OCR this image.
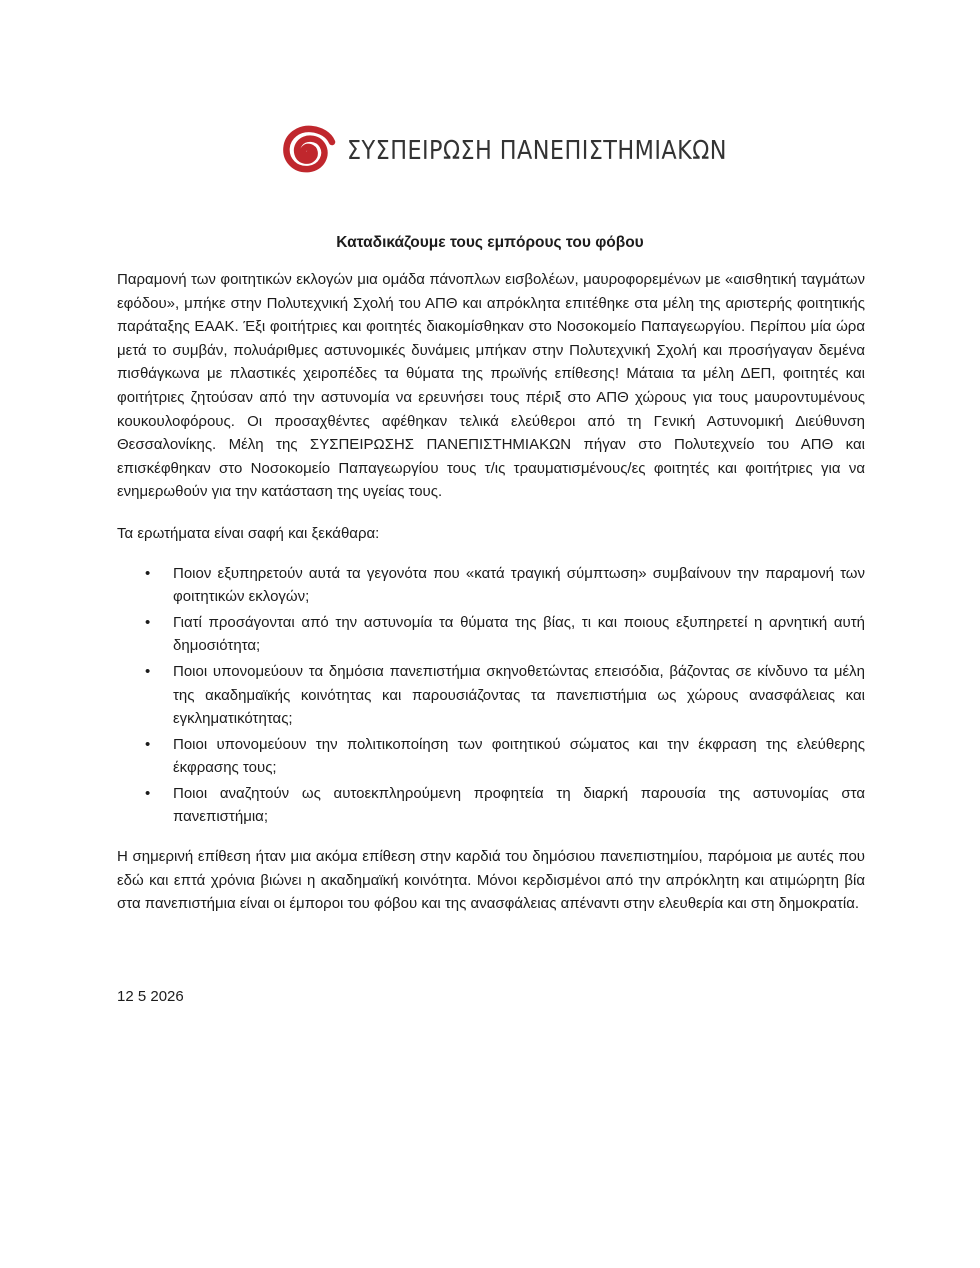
ΣΥΣΠΕΙΡΩΣΗ ΠΑΝΕΠΙΣΤΗΜΙΑΚΩΝ
Καταδικάζουμε τους εμπόρους του φόβου

Παραμονή των φοιτητικών εκλογών μια ομάδα πάνοπλων εισβολέων, μαυροφορεμένων με «αισθητική ταγμάτων εφόδου», μπήκε στην Πολυτεχνική Σχολή του ΑΠΘ και απρόκλητα επιτέθηκε στα μέλη της αριστερής φοιτητικής παράταξης ΕΑΑΚ. Έξι φοιτήτριες και φοιτητές διακομίσθηκαν στο Νοσοκομείο Παπαγεωργίου. Περίπου μία ώρα μετά το συμβάν, πολυάριθμες αστυνομικές δυνάμεις μπήκαν στην Πολυτεχνική Σχολή και προσήγαγαν δεμένα πισθάγκωνα με πλαστικές χειροπέδες τα θύματα της πρωϊνής επίθεσης! Μάταια τα μέλη ΔΕΠ, φοιτητές και φοιτήτριες ζητούσαν από την αστυνομία να ερευνήσει τους πέριξ στο ΑΠΘ χώρους για τους μαυροντυμένους κουκουλοφόρους. Οι προσαχθέντες αφέθηκαν τελικά ελεύθεροι από τη Γενική Αστυνομική Διεύθυνση Θεσσαλονίκης. Μέλη της ΣΥΣΠΕΙΡΩΣΗΣ ΠΑΝΕΠΙΣΤΗΜΙΑΚΩΝ πήγαν στο Πολυτεχνείο του ΑΠΘ και επισκέφθηκαν στο Νοσοκομείο Παπαγεωργίου τους τ/ις τραυματισμένους/ες φοιτητές και φοιτήτριες για να ενημερωθούν για την κατάσταση της υγείας τους.

Τα ερωτήματα είναι σαφή και ξεκάθαρα:

• Ποιον εξυπηρετούν αυτά τα γεγονότα που «κατά τραγική σύμπτωση» συμβαίνουν την παραμονή των φοιτητικών εκλογών;
• Γιατί προσάγονται από την αστυνομία τα θύματα της βίας, τι και ποιους εξυπηρετεί η αρνητική αυτή δημοσιότητα;
• Ποιοι υπονομεύουν τα δημόσια πανεπιστήμια σκηνοθετώντας επεισόδια, βάζοντας σε κίνδυνο τα μέλη της ακαδημαϊκής κοινότητας και παρουσιάζοντας τα πανεπιστήμια ως χώρους ανασφάλειας και εγκληματικότητας;
• Ποιοι υπονομεύουν την πολιτικοποίηση των φοιτητικού σώματος και την έκφραση της ελεύθερης έκφρασης τους;
• Ποιοι αναζητούν ως αυτοεκπληρούμενη προφητεία τη διαρκή παρουσία της αστυνομίας στα πανεπιστήμια;

Η σημερινή επίθεση ήταν μια ακόμα επίθεση στην καρδιά του δημόσιου πανεπιστημίου, παρόμοια με αυτές που εδώ και επτά χρόνια βιώνει η ακαδημαϊκή κοινότητα. Μόνοι κερδισμένοι από την απρόκλητη και ατιμώρητη βία στα πανεπιστήμια είναι οι έμποροι του φόβου και της ανασφάλειας απέναντι στην ελευθερία και στη δημοκρατία.

12 5 2026
